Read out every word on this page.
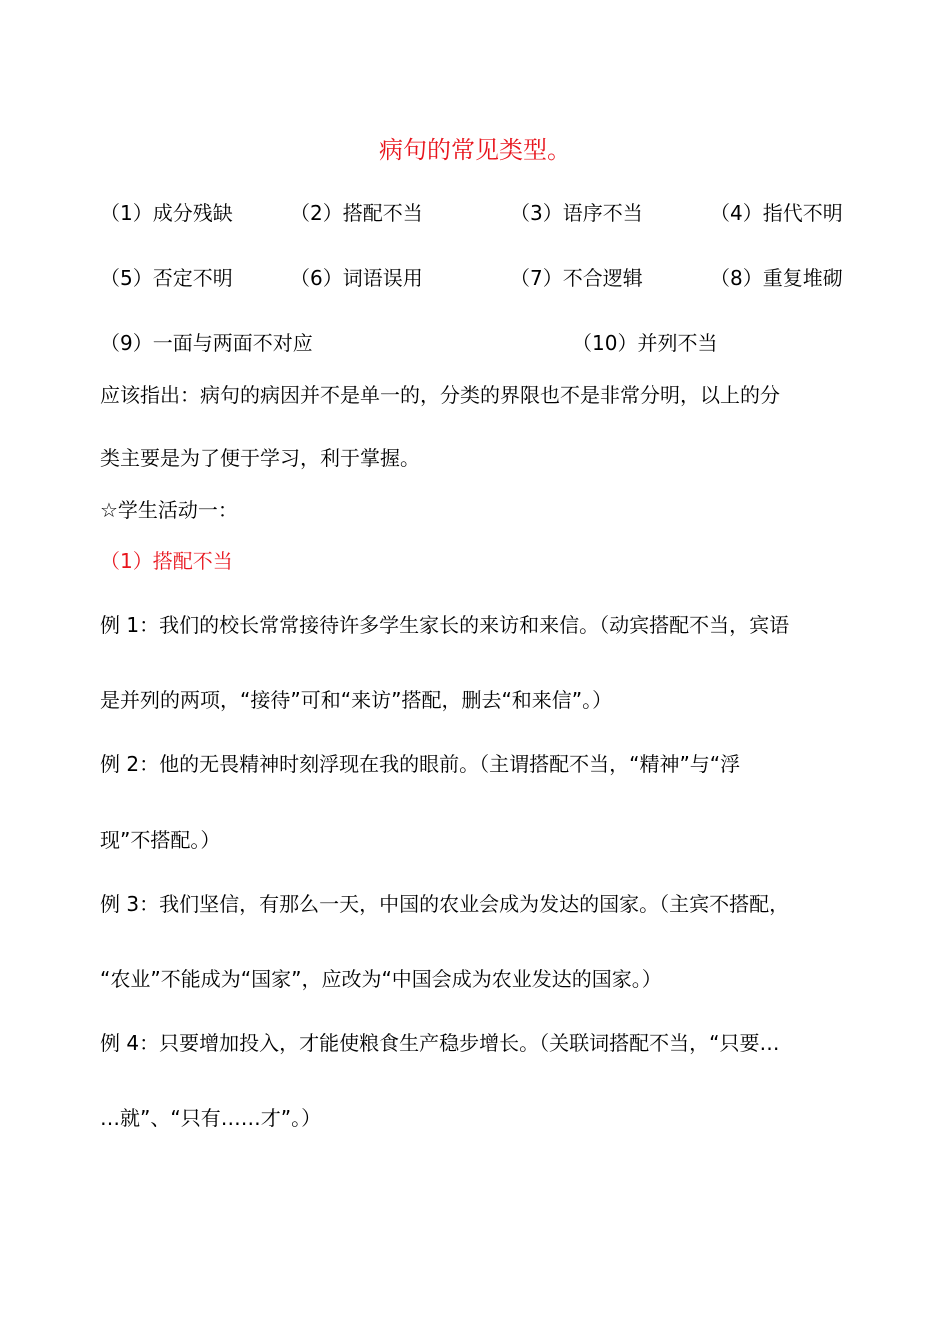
病句的常见类型。
（1）成分残缺	（2）搭配不当	（3）语序不当	（4）指代不明
（5）否定不明	（6）词语误用	（7）不合逻辑	（8）重复堆砌
（9）一面与两面不对应	（10）并列不当
应该指出：病句的病因并不是单一的，分类的界限也不是非常分明，以上的分
类主要是为了便于学习，利于掌握。
☆学生活动一：
（1）搭配不当
例 1：我们的校长常常接待许多学生家长的来访和来信。（动宾搭配不当，宾语
是并列的两项，“接待”可和“来访”搭配，删去“和来信”。）
例 2：他的无畏精神时刻浮现在我的眼前。（主谓搭配不当，“精神”与“浮
现”不搭配。）
例 3：我们坚信，有那么一天，中国的农业会成为发达的国家。（主宾不搭配，
“农业”不能成为“国家”，应改为“中国会成为农业发达的国家。）
例 4：只要增加投入，才能使粮食生产稳步增长。（关联词搭配不当，“只要…
…就”、“只有……才”。）
